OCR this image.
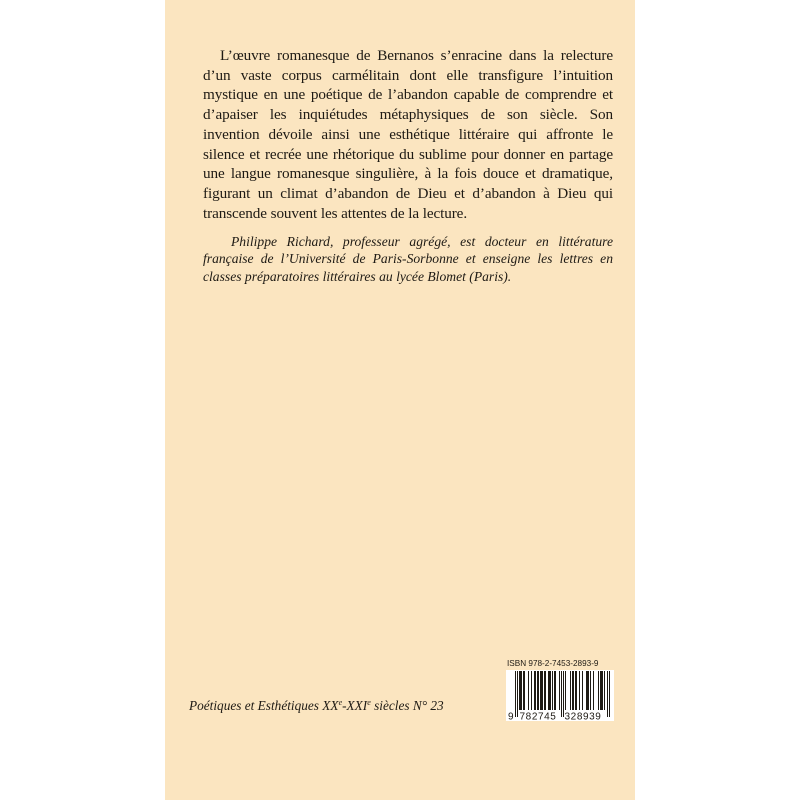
L’œuvre romanesque de Bernanos s’enracine dans la relecture d’un vaste corpus carmélitain dont elle transfigure l’intuition mystique en une poétique de l’abandon capable de comprendre et d’apaiser les inquiétudes métaphysiques de son siècle. Son invention dévoile ainsi une esthétique littéraire qui affronte le silence et recrée une rhétorique du sublime pour donner en partage une langue romanesque singulière, à la fois douce et dramatique, figurant un climat d’abandon de Dieu et d’abandon à Dieu qui transcende souvent les attentes de la lecture.

Philippe Richard, professeur agrégé, est docteur en littérature française de l’Université de Paris-Sorbonne et enseigne les lettres en classes préparatoires littéraires au lycée Blomet (Paris).

Poétiques et Esthétiques XXe-XXIe siècles N° 23

ISBN 978-2-7453-2893-9
9 782745 328939
